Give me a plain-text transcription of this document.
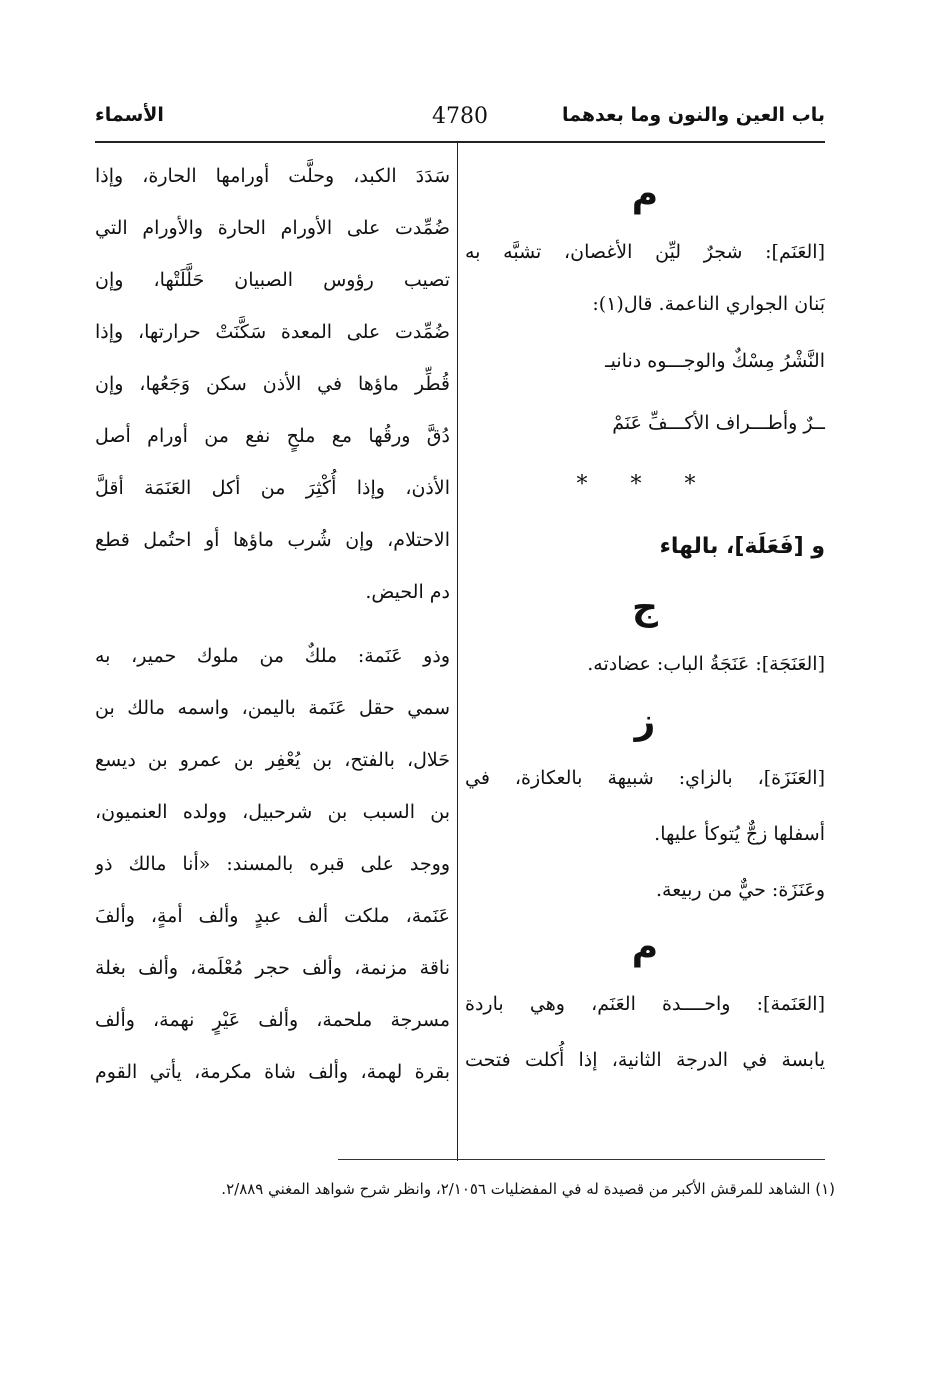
باب العين والنون وما بعدهما
4780
الأسماء
م
[العَنَم]: شجرٌ ليِّن الأغصان، تشبَّه به
بَنان الجواري الناعمة. قال(١):
النَّشْرُ مِسْكٌ والوجـــوه دنانيـ
ــرٌ وأطـــراف الأكـــفِّ عَنَمْ
* * *
و [فَعَلَة]، بالهاء
ج
[العَنَجَة]: عَنَجَةُ الباب: عضادته.
ز
[العَنَزَة]، بالزاي: شبيهة بالعكازة، في
أسفلها زجٌّ يُتوكأ عليها.
وعَنَزَة: حيٌّ من ربيعة.
م
[العَنَمة]: واحــــدة العَنَم، وهي باردة
يابسة في الدرجة الثانية، إذا أُكلت فتحت
سَدَدَ الكبد، وحلَّت أورامها الحارة، وإذا
ضُمِّدت على الأورام الحارة والأورام التي
تصيب رؤوس الصبيان حَلَّلَتْها، وإن
ضُمِّدت على المعدة سَكَّنَتْ حرارتها، وإذا
قُطِّر ماؤها في الأذن سكن وَجَعُها، وإن
دُقَّ ورقُها مع ملحٍ نفع من أورام أصل
الأذن، وإذا أُكْثِرَ من أكل العَنَمَة أقلَّ
الاحتلام، وإن شُرب ماؤها أو احتُمل قطع
دم الحيض.
وذو عَنَمة: ملكٌ من ملوك حمير، به
سمي حقل عَنَمة باليمن، واسمه مالك بن
حَلال، بالفتح، بن يُعْفِر بن عمرو بن ديسع
بن السبب بن شرحبيل، وولده العنميون،
ووجد على قبره بالمسند: «أنا مالك ذو
عَنَمة، ملكت ألف عبدٍ وألف أمةٍ، وألفَ
ناقة مزنمة، وألف حجر مُعْلَمة، وألف بغلة
مسرجة ملحمة، وألف عَيْرٍ نهمة، وألف
بقرة لهمة، وألف شاة مكرمة، يأتي القوم
(١) الشاهد للمرقش الأكبر من قصيدة له في المفضليات ٢/١٠٥٦، وانظر شرح شواهد المغني ٢/٨٨٩.
